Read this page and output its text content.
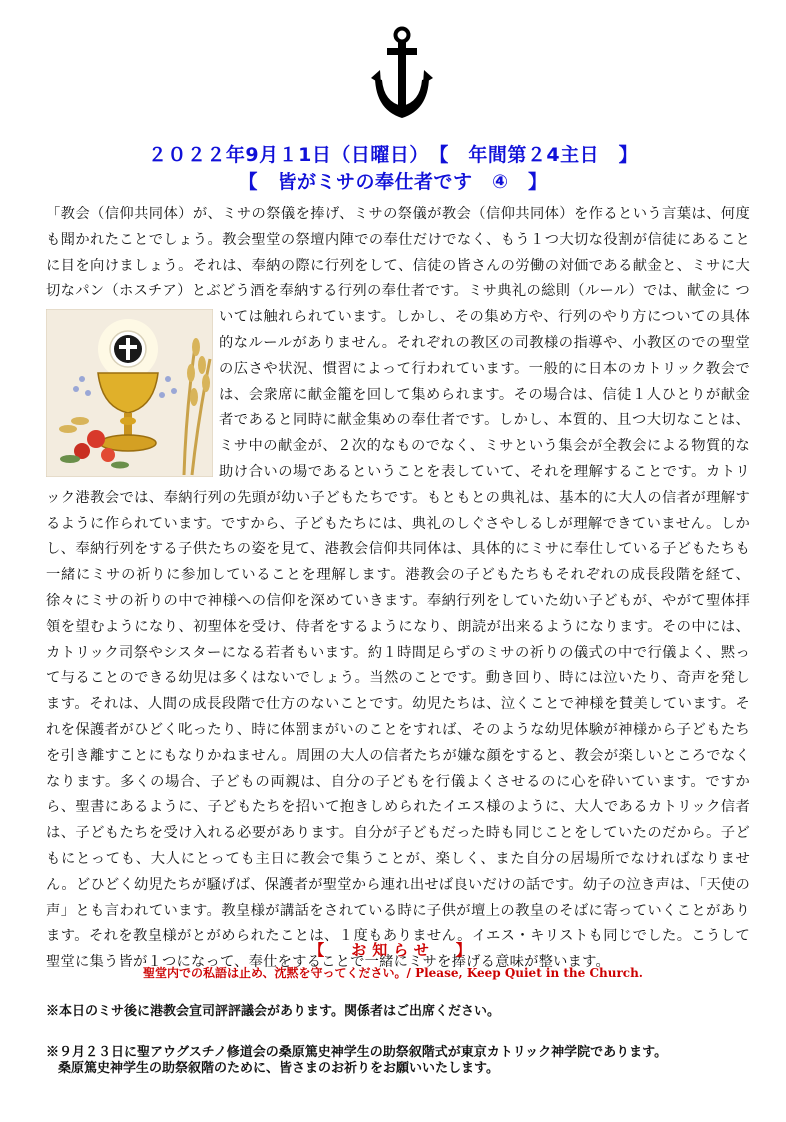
２０２２年9月１1日（日曜日）　【　年間第２4主日　】
【　皆がミサの奉仕者です　④　】
「教会（信仰共同体）が、ミサの祭儀を捧げ、ミサの祭儀が教会（信仰共同体）を作るという言葉は、何度も聞かれたことでしょう。教会聖堂の祭壇内陣での奉仕だけでなく、もう１つ大切な役割が信徒にあることに目を向けましょう。それは、奉納の際に行列をして、信徒の皆さんの労働の対価である献金と、ミサに大切なパン（ホスチア）とぶどう酒を奉納する行列の奉仕者です。ミサ典礼の総則（ルール）では、献金に ついては触れられています。しかし、その集め方や、行列のやり方についての具体的なルールがありません。それぞれの教区の司教様の指導や、小教区のでの聖堂の広さや状況、慣習によって行われています。一般的に日本のカトリック教会では、会衆席に献金籠を回して集められます。その場合は、信徒１人ひとりが献金者であると同時に献金集めの奉仕者です。しかし、本質的、且つ大切なことは、ミサ中の献金が、２次的なものでなく、ミサという集会が全教会による物質的な助け合いの場であるということを表していて、それを理解することです。カトリック港教会では、奉納行列の先頭が幼い子どもたちです。もともとの典礼は、基本的に大人の信者が理解するように作られています。ですから、子どもたちには、典礼のしぐさやしるしが理解できていません。しかし、奉納行列をする子供たちの姿を見て、港教会信仰共同体は、具体的にミサに奉仕している子どもたちも一緒にミサの祈りに参加していることを理解します。港教会の子どもたちもそれぞれの成長段階を経て、徐々にミサの祈りの中で神様への信仰を深めていきます。奉納行列をしていた幼い子どもが、やがて聖体拝領を望むようになり、初聖体を受け、侍者をするようになり、朗読が出来るようになります。その中には、カトリック司祭やシスターになる若者もいます。約１時間足らずのミサの祈りの儀式の中で行儀よく、黙って与ることのできる幼児は多くはないでしょう。当然のことです。動き回り、時には泣いたり、奇声を発します。それは、人間の成長段階で仕方のないことです。幼児たちは、泣くことで神様を賛美しています。それを保護者がひどく叱ったり、時に体罰まがいのことをすれば、そのような幼児体験が神様から子どもたちを引き離すことにもなりかねません。周囲の大人の信者たちが嫌な顔をすると、教会が楽しいところでなくなります。多くの場合、子どもの両親は、自分の子どもを行儀よくさせるのに心を砕いています。ですから、聖書にあるように、子どもたちを招いて抱きしめられたイエス様のように、大人であるカトリック信者は、子どもたちを受け入れる必要があります。自分が子どもだった時も同じことをしていたのだから。子どもにとっても、大人にとっても主日に教会で集うことが、楽しく、また自分の居場所でなければなりません。どひどく幼児たちが騒げば、保護者が聖堂から連れ出せば良いだけの話です。幼子の泣き声は、「天使の声」とも言われています。教皇様が講話をされている時に子供が壇上の教皇のそばに寄っていくことがあります。それを教皇様がとがめられたことは、１度もありません。イエス・キリストも同じでした。こうして聖堂に集う皆が１つになって、奉仕をすることで一緒にミサを捧げる意味が整います。
【　お知らせ　】
聖堂内での私語は止め、沈黙を守ってください。/ Please, Keep Quiet in the Church.
※本日のミサ後に港教会宣司評評議会があります。関係者はご出席ください。
※９月２３日に聖アウグスチノ修道会の桑原篤史神学生の助祭叙階式が東京カトリック神学院であります。
桑原篤史神学生の助祭叙階のために、皆さまのお祈りをお願いいたします。
